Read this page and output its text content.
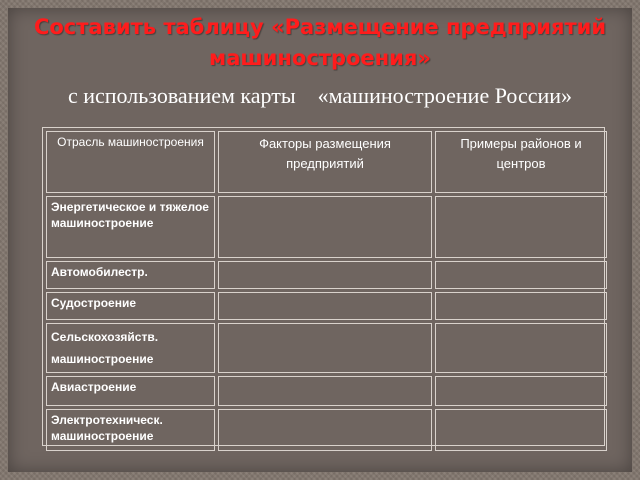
Составить таблицу «Размещение предприятий машиностроения»
с использованием карты    «машиностроение России»
Отрасль машиностроения	Факторы размещения предприятий	Примеры районов и центров
Энергетическое и тяжелое машиностроение		
Автомобилестр.		
Судостроение		
Сельскохозяйств. машиностроение		
Авиастроение		
Электротехническ. машиностроение		
